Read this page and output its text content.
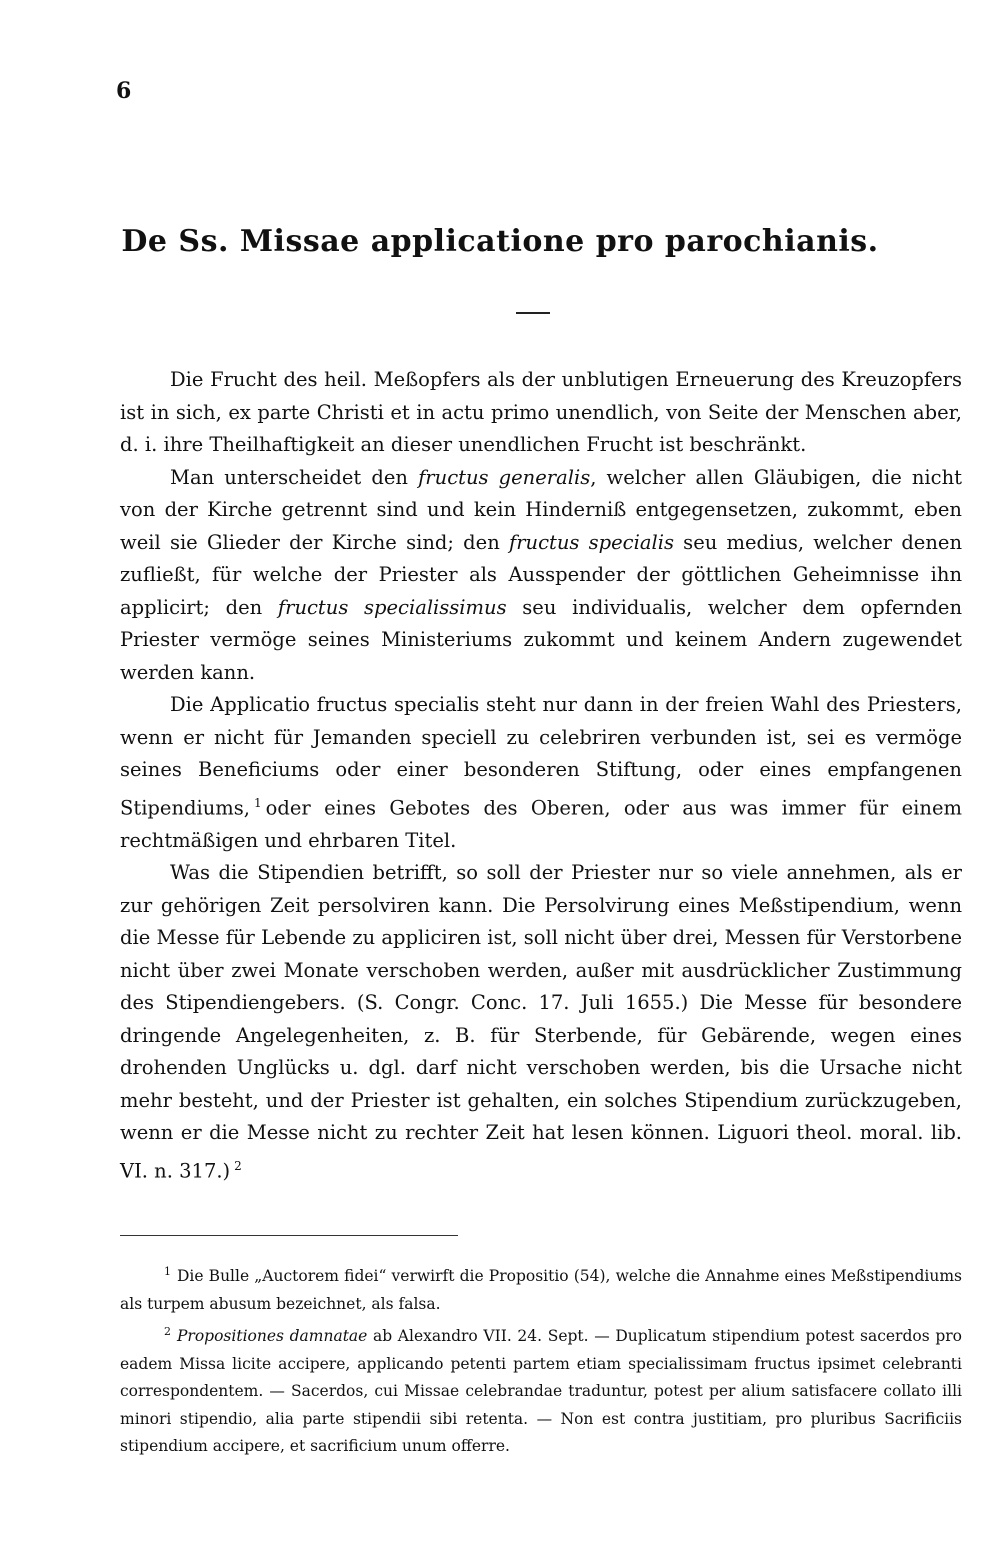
6
De Ss. Missae applicatione pro parochianis.

Die Frucht des heil. Meßopfers als der unblutigen Erneuerung des Kreuzopfers ist in sich, ex parte Christi et in actu primo unendlich, von Seite der Menschen aber, d. i. ihre Theilhaftigkeit an dieser unendlichen Frucht ist beschränkt.

Man unterscheidet den fructus generalis, welcher allen Gläubigen, die nicht von der Kirche getrennt sind und kein Hinderniß entgegensetzen, zukommt, eben weil sie Glieder der Kirche sind; den fructus specialis seu medius, welcher denen zufließt, für welche der Priester als Ausspender der göttlichen Geheimnisse ihn applicirt; den fructus specialissimus seu individualis, welcher dem opfernden Priester vermöge seines Ministeriums zukommt und keinem Andern zugewendet werden kann.

Die Applicatio fructus specialis steht nur dann in der freien Wahl des Priesters, wenn er nicht für Jemanden speciell zu celebriren verbunden ist, sei es vermöge seines Beneficiums oder einer besonderen Stiftung, oder eines empfangenen Stipendiums, $^1$ oder eines Gebotes des Oberen, oder aus was immer für einem rechtmäßigen und ehrbaren Titel.

Was die Stipendien betrifft, so soll der Priester nur so viele annehmen, als er zur gehörigen Zeit persolviren kann. Die Persolvirung eines Meßstipendium, wenn die Messe für Lebende zu appliciren ist, soll nicht über drei, Messen für Verstorbene nicht über zwei Monate verschoben werden, außer mit ausdrücklicher Zustimmung des Stipendiengebers. (S. Congr. Conc. 17. Juli 1655.) Die Messe für besondere dringende Angelegenheiten, z. B. für Sterbende, für Gebärende, wegen eines drohenden Unglücks u. dgl. darf nicht verschoben werden, bis die Ursache nicht mehr besteht, und der Priester ist gehalten, ein solches Stipendium zurückzugeben, wenn er die Messe nicht zu rechter Zeit hat lesen können. Liguori theol. moral. lib. VI. n. 317.) $^2$

$^1$ Die Bulle „Auctorem fidei“ verwirft die Propositio (54), welche die Annahme eines Meßstipendiums als turpem abusum bezeichnet, als falsa.

$^2$ Propositiones damnatae ab Alexandro VII. 24. Sept. — Duplicatum stipendium potest sacerdos pro eadem Missa licite accipere, applicando petenti partem etiam specialissimam fructus ipsimet celebranti correspondentem. — Sacerdos, cui Missae celebrandae traduntur, potest per alium satisfacere collato illi minori stipendio, alia parte stipendii sibi retenta. — Non est contra justitiam, pro pluribus Sacrificiis stipendium accipere, et sacrificium unum offerre.
